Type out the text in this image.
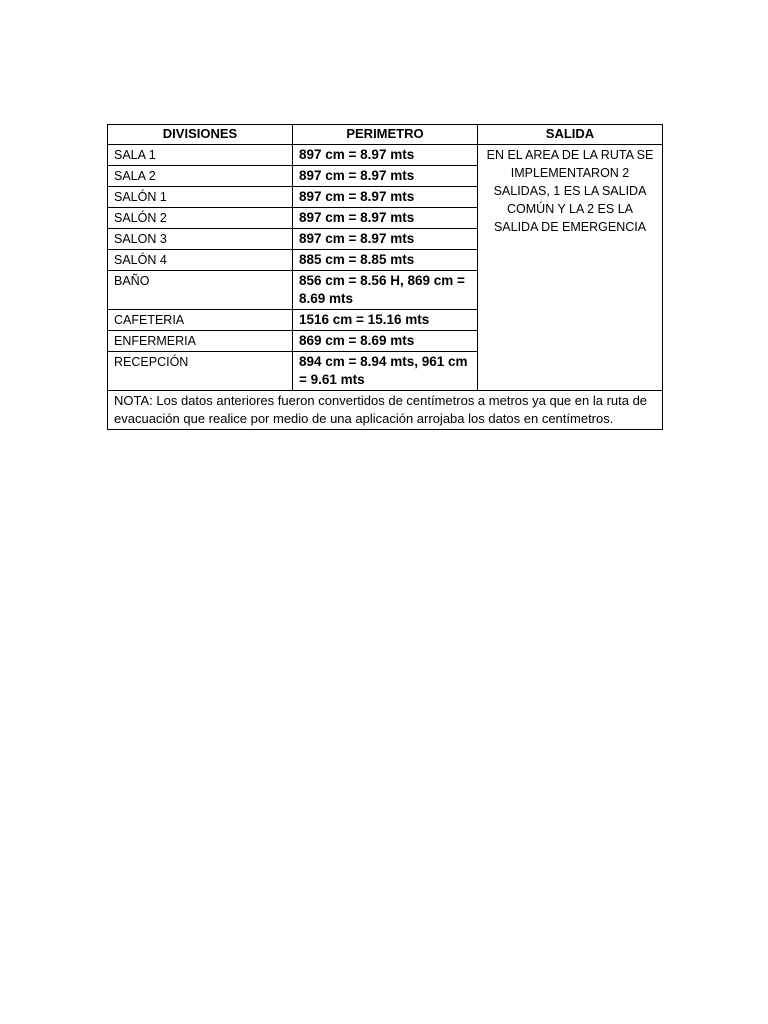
DIVISIONES	PERIMETRO	SALIDA
SALA 1	897 cm = 8.97 mts	EN EL AREA DE LA RUTA SE IMPLEMENTARON 2 SALIDAS, 1 ES LA SALIDA COMÚN Y LA 2 ES LA SALIDA DE EMERGENCIA
SALA 2	897 cm = 8.97 mts	
SALÓN 1	897 cm = 8.97 mts	
SALÓN 2	897 cm = 8.97 mts	
SALON 3	897 cm = 8.97 mts	
SALÓN 4	885 cm = 8.85 mts	
BAÑO	856 cm = 8.56 H, 869 cm = 8.69 mts	
CAFETERIA	1516 cm = 15.16 mts	
ENFERMERIA	869 cm = 8.69 mts	
RECEPCIÓN	894 cm = 8.94 mts, 961 cm = 9.61 mts	
NOTA: Los datos anteriores fueron convertidos de centímetros a metros ya que en la ruta de evacuación que realice por medio de una aplicación arrojaba los datos en centímetros.		
